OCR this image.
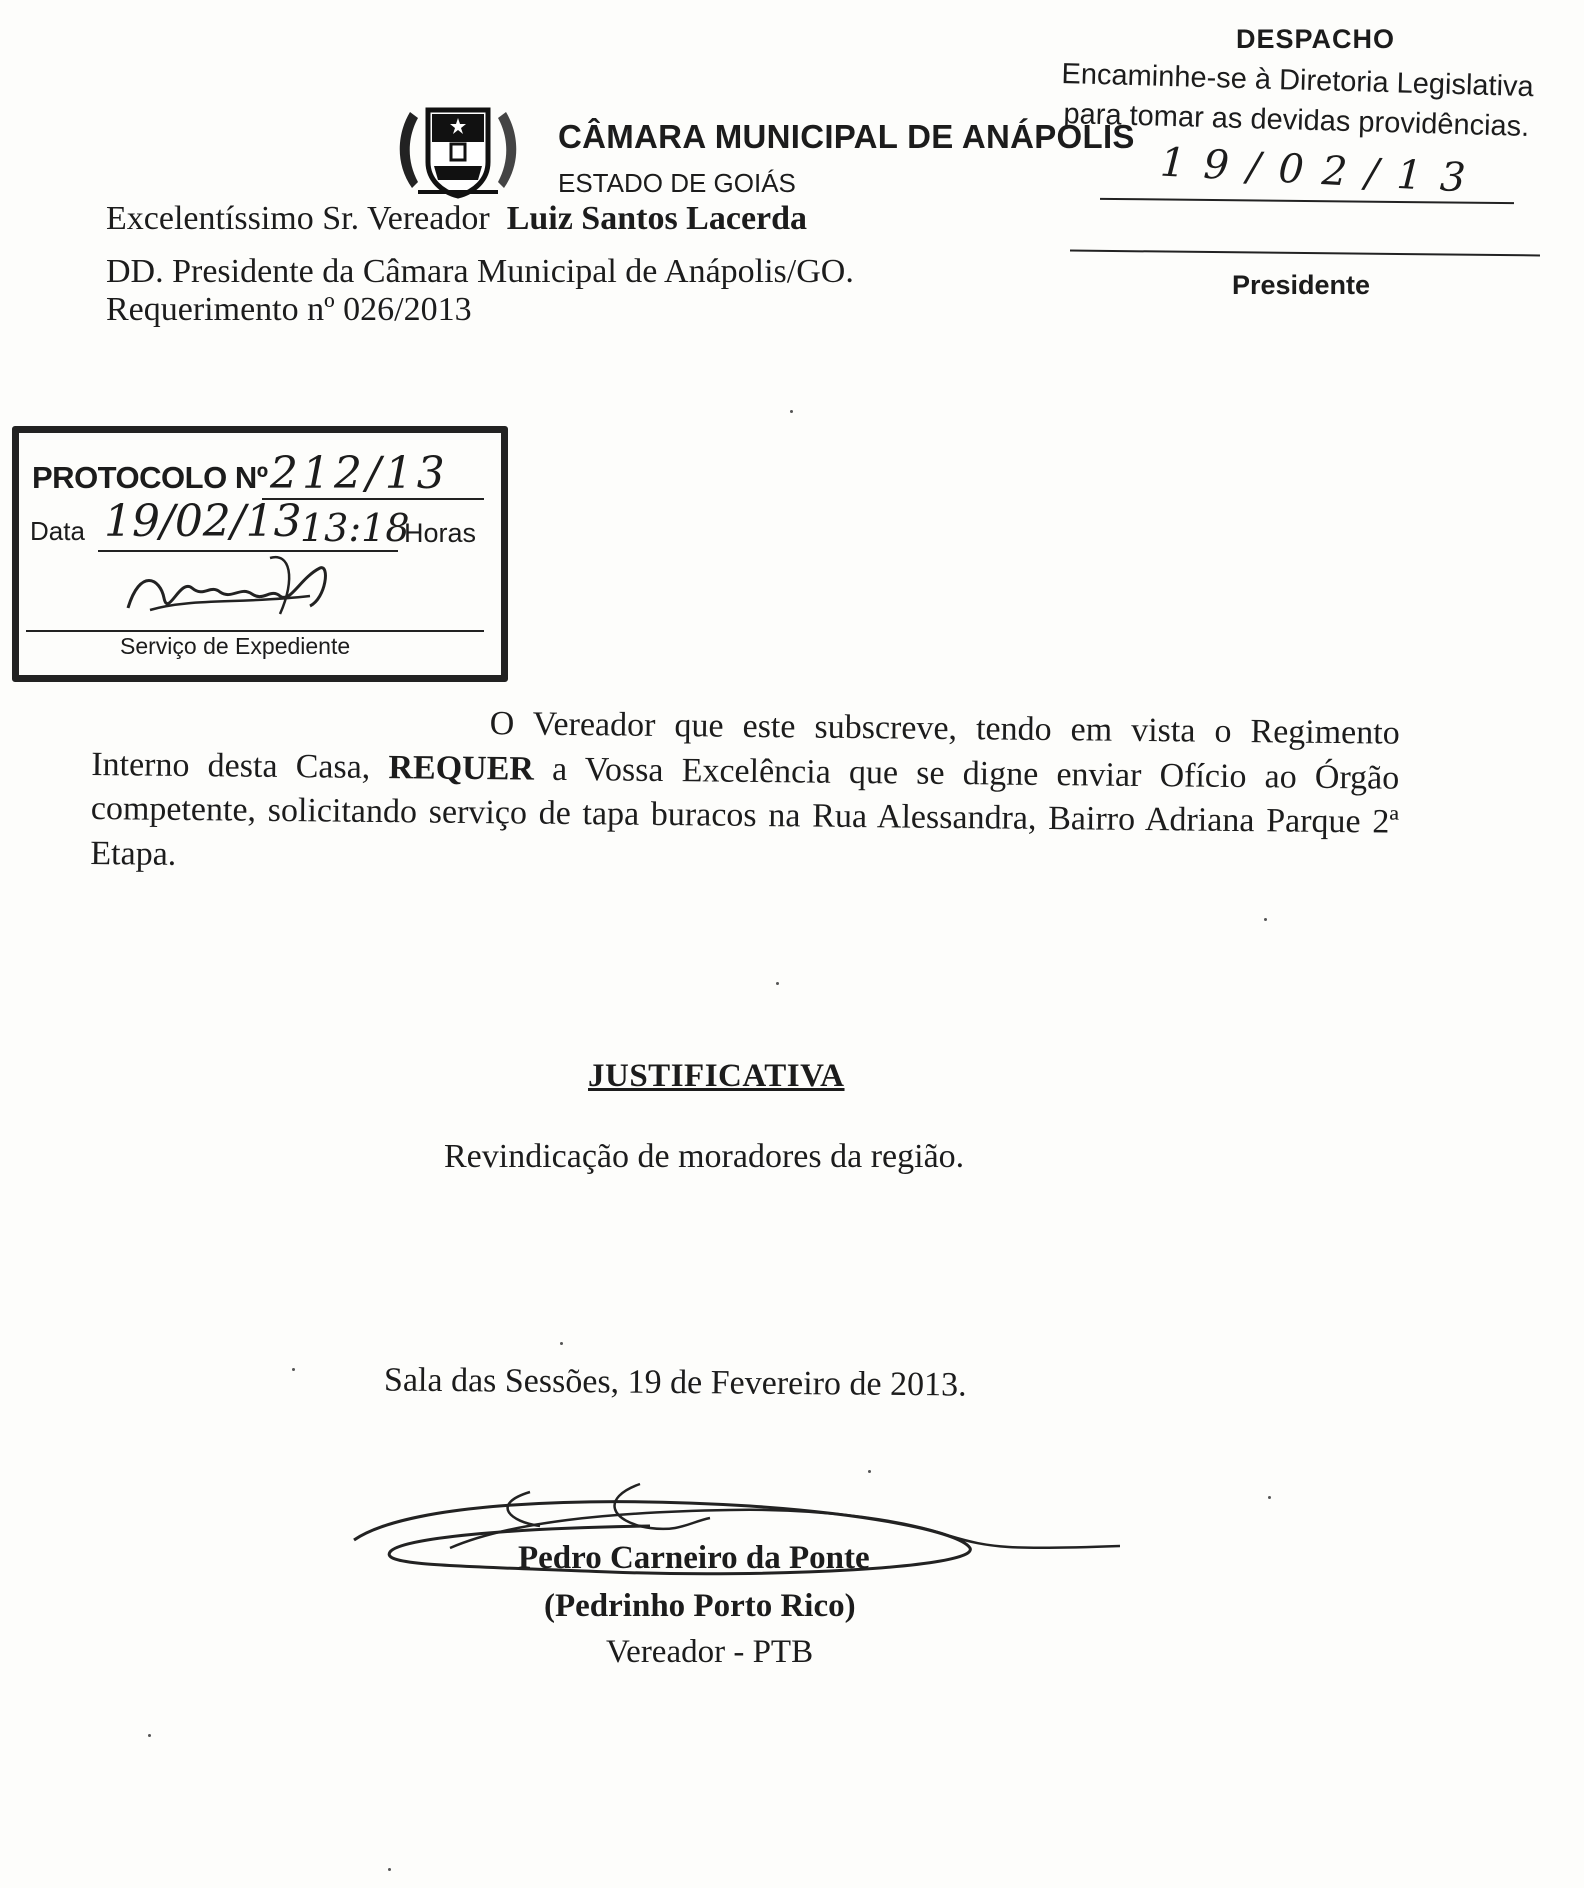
CÂMARA MUNICIPAL DE ANÁPOLIS
ESTADO DE GOIÁS
DESPACHO
Encaminhe-se à Diretoria Legislativa
para tomar as devidas providências.
19/02/13
Presidente
Excelentíssimo Sr. Vereador Luiz Santos Lacerda
DD. Presidente da Câmara Municipal de Anápolis/GO.
Requerimento nº 026/2013
PROTOCOLO Nº 212/13
Data 19/02/13
13:18
Horas
Serviço de Expediente
O Vereador que este subscreve, tendo em vista o Regimento Interno desta Casa, REQUER a Vossa Excelência que se digne enviar Ofício ao Órgão competente, solicitando serviço de tapa buracos na Rua Alessandra, Bairro Adriana Parque 2ª Etapa.
JUSTIFICATIVA
Revindicação de moradores da região.
Sala das Sessões, 19 de Fevereiro de 2013.
Pedro Carneiro da Ponte
(Pedrinho Porto Rico)
Vereador - PTB
